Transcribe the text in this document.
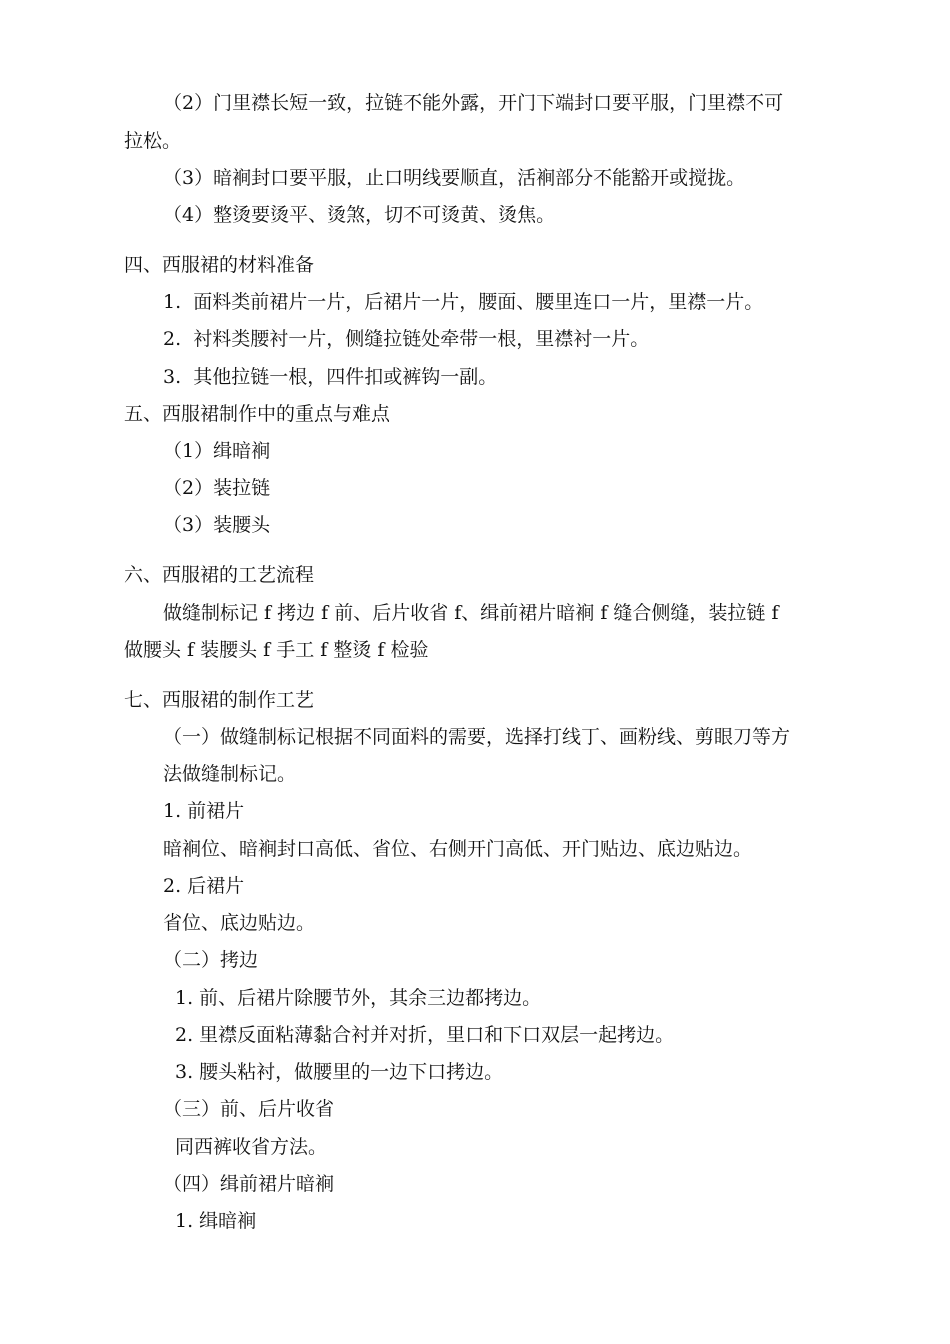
（2）门里襟长短一致，拉链不能外露，开门下端封口要平服，门里襟不可
拉松。
（3）暗裥封口要平服，止口明线要顺直，活裥部分不能豁开或搅拢。
（4）整烫要烫平、烫煞，切不可烫黄、烫焦。
四、西服裙的材料准备
1.  面料类前裙片一片，后裙片一片，腰面、腰里连口一片，里襟一片。
2.  衬料类腰衬一片，侧缝拉链处牵带一根，里襟衬一片。
3.  其他拉链一根，四件扣或裤钩一副。
五、西服裙制作中的重点与难点
（1）缉暗裥
（2）装拉链
（3）装腰头
六、西服裙的工艺流程
做缝制标记 f 拷边 f 前、后片收省 f、缉前裙片暗裥 f 缝合侧缝，装拉链 f
做腰头 f 装腰头 f 手工 f 整烫 f 检验
七、西服裙的制作工艺
（一）做缝制标记根据不同面料的需要，选择打线丁、画粉线、剪眼刀等方
法做缝制标记。
1. 前裙片
暗裥位、暗裥封口高低、省位、右侧开门高低、开门贴边、底边贴边。
2. 后裙片
省位、底边贴边。
（二）拷边
1. 前、后裙片除腰节外，其余三边都拷边。
2. 里襟反面粘薄黏合衬并对折，里口和下口双层一起拷边。
3. 腰头粘衬，做腰里的一边下口拷边。
（三）前、后片收省
同西裤收省方法。
（四）缉前裙片暗裥
1. 缉暗裥
